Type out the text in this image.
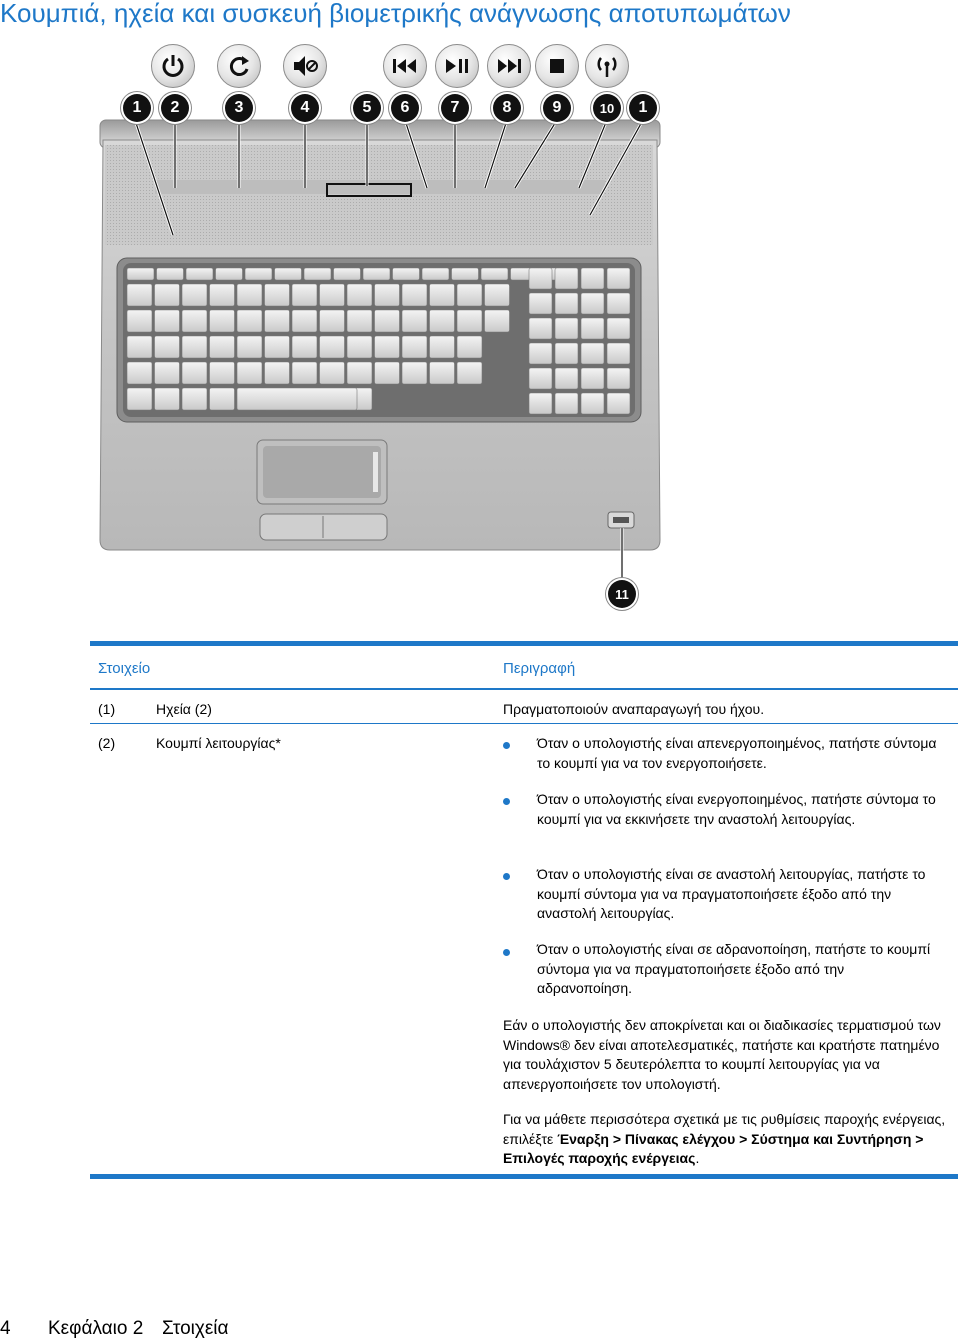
Κουμπιά, ηχεία και συσκευή βιομετρικής ανάγνωσης αποτυπωμάτων
1	2	3	4	5	6	7	8	9	10	1
11
Στοιχείο	Περιγραφή
(1)	Ηχεία (2)	Πραγματοποιούν αναπαραγωγή του ήχου.
(2)	Κουμπί λειτουργίας*	Όταν ο υπολογιστής είναι απενεργοποιημένος, πατήστε σύντομα το κουμπί για να τον ενεργοποιήσετε.
Όταν ο υπολογιστής είναι ενεργοποιημένος, πατήστε σύντομα το κουμπί για να εκκινήσετε την αναστολή λειτουργίας.
Όταν ο υπολογιστής είναι σε αναστολή λειτουργίας, πατήστε το κουμπί σύντομα για να πραγματοποιήσετε έξοδο από την αναστολή λειτουργίας.
Όταν ο υπολογιστής είναι σε αδρανοποίηση, πατήστε το κουμπί σύντομα για να πραγματοποιήσετε έξοδο από την αδρανοποίηση.
Εάν ο υπολογιστής δεν αποκρίνεται και οι διαδικασίες τερματισμού των Windows® δεν είναι αποτελεσματικές, πατήστε και κρατήστε πατημένο για τουλάχιστον 5 δευτερόλεπτα το κουμπί λειτουργίας για να απενεργοποιήσετε τον υπολογιστή.
Για να μάθετε περισσότερα σχετικά με τις ρυθμίσεις παροχής ενέργειας, επιλέξτε Έναρξη > Πίνακας ελέγχου > Σύστημα και Συντήρηση > Επιλογές παροχής ενέργειας.
4 Κεφάλαιο 2 Στοιχεία
